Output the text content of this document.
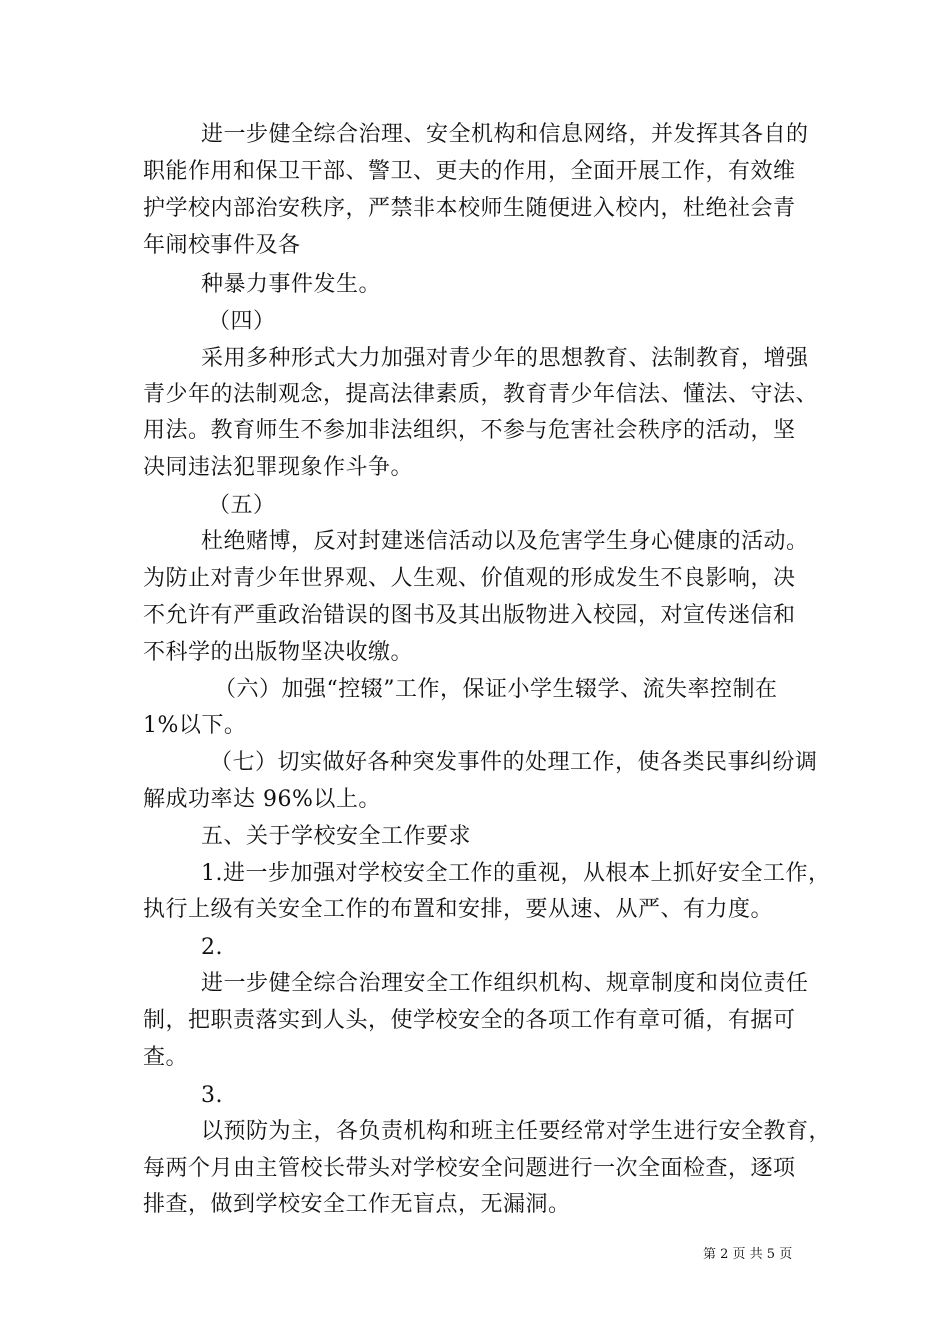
进一步健全综合治理、安全机构和信息网络，并发挥其各自的
职能作用和保卫干部、警卫、更夫的作用，全面开展工作，有效维
护学校内部治安秩序，严禁非本校师生随便进入校内，杜绝社会青
年闹校事件及各
种暴力事件发生。
（四）
采用多种形式大力加强对青少年的思想教育、法制教育，增强
青少年的法制观念，提高法律素质，教育青少年信法、懂法、守法、
用法。教育师生不参加非法组织，不参与危害社会秩序的活动，坚
决同违法犯罪现象作斗争。
（五）
杜绝赌博，反对封建迷信活动以及危害学生身心健康的活动。
为防止对青少年世界观、人生观、价值观的形成发生不良影响，决
不允许有严重政治错误的图书及其出版物进入校园，对宣传迷信和
不科学的出版物坚决收缴。
（六）加强“控辍”工作，保证小学生辍学、流失率控制在
1%以下。
（七）切实做好各种突发事件的处理工作，使各类民事纠纷调
解成功率达 96%以上。
五、关于学校安全工作要求
1.进一步加强对学校安全工作的重视，从根本上抓好安全工作，
执行上级有关安全工作的布置和安排，要从速、从严、有力度。
2.
进一步健全综合治理安全工作组织机构、规章制度和岗位责任
制，把职责落实到人头，使学校安全的各项工作有章可循，有据可
查。
3.
以预防为主，各负责机构和班主任要经常对学生进行安全教育，
每两个月由主管校长带头对学校安全问题进行一次全面检查，逐项
排查，做到学校安全工作无盲点，无漏洞。
第 2 页 共 5 页
